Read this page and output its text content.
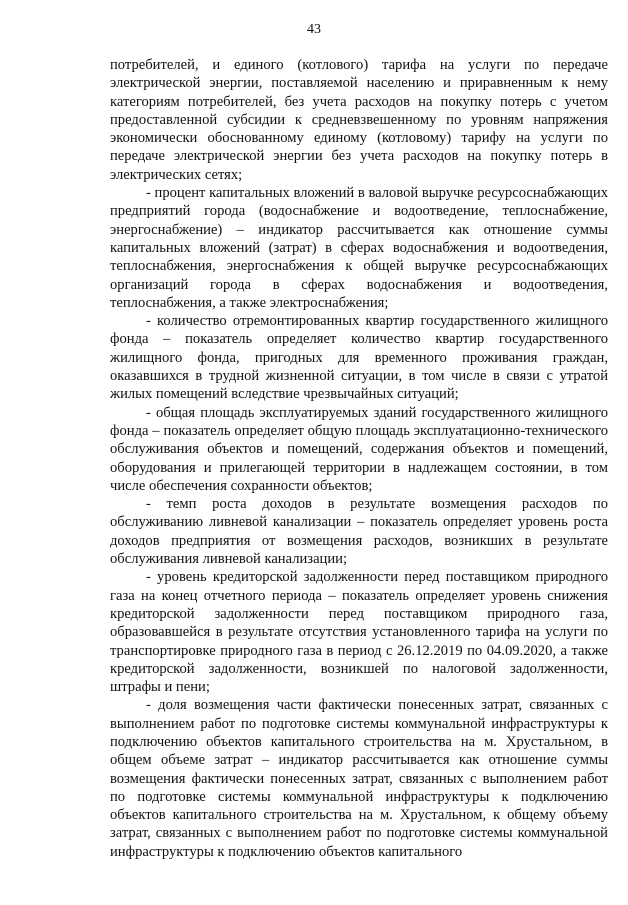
43

потребителей, и единого (котлового) тарифа на услуги по передаче электрической энергии, поставляемой населению и приравненным к нему категориям потребителей, без учета расходов на покупку потерь с учетом предоставленной субсидии к средневзвешенному по уровням напряжения экономически обоснованному единому (котловому) тарифу на услуги по передаче электрической энергии без учета расходов на покупку потерь в электрических сетях;

- процент капитальных вложений в валовой выручке ресурсоснабжающих предприятий города (водоснабжение и водоотведение, теплоснабжение, энергоснабжение) – индикатор рассчитывается как отношение суммы капитальных вложений (затрат) в сферах водоснабжения и водоотведения, теплоснабжения, энергоснабжения к общей выручке ресурсоснабжающих организаций города в сферах водоснабжения и водоотведения, теплоснабжения, а также электроснабжения;

- количество отремонтированных квартир государственного жилищного фонда – показатель определяет количество квартир государственного жилищного фонда, пригодных для временного проживания граждан, оказавшихся в трудной жизненной ситуации, в том числе в связи с утратой жилых помещений вследствие чрезвычайных ситуаций;

- общая площадь эксплуатируемых зданий государственного жилищного фонда – показатель определяет общую площадь эксплуатационно-технического обслуживания объектов и помещений, содержания объектов и помещений, оборудования и прилегающей территории в надлежащем состоянии, в том числе обеспечения сохранности объектов;

- темп роста доходов в результате возмещения расходов по обслуживанию ливневой канализации – показатель определяет уровень роста доходов предприятия от возмещения расходов, возникших в результате обслуживания ливневой канализации;

- уровень кредиторской задолженности перед поставщиком природного газа на конец отчетного периода – показатель определяет уровень снижения кредиторской задолженности перед поставщиком природного газа, образовавшейся в результате отсутствия установленного тарифа на услуги по транспортировке природного газа в период с 26.12.2019 по 04.09.2020, а также кредиторской задолженности, возникшей по налоговой задолженности, штрафы и пени;

- доля возмещения части фактически понесенных затрат, связанных с выполнением работ по подготовке системы коммунальной инфраструктуры к подключению объектов капитального строительства на м. Хрустальном, в общем объеме затрат – индикатор рассчитывается как отношение суммы возмещения фактически понесенных затрат, связанных с выполнением работ по подготовке системы коммунальной инфраструктуры к подключению объектов капитального строительства на м. Хрустальном, к общему объему затрат, связанных с выполнением работ по подготовке системы коммунальной инфраструктуры к подключению объектов капитального
